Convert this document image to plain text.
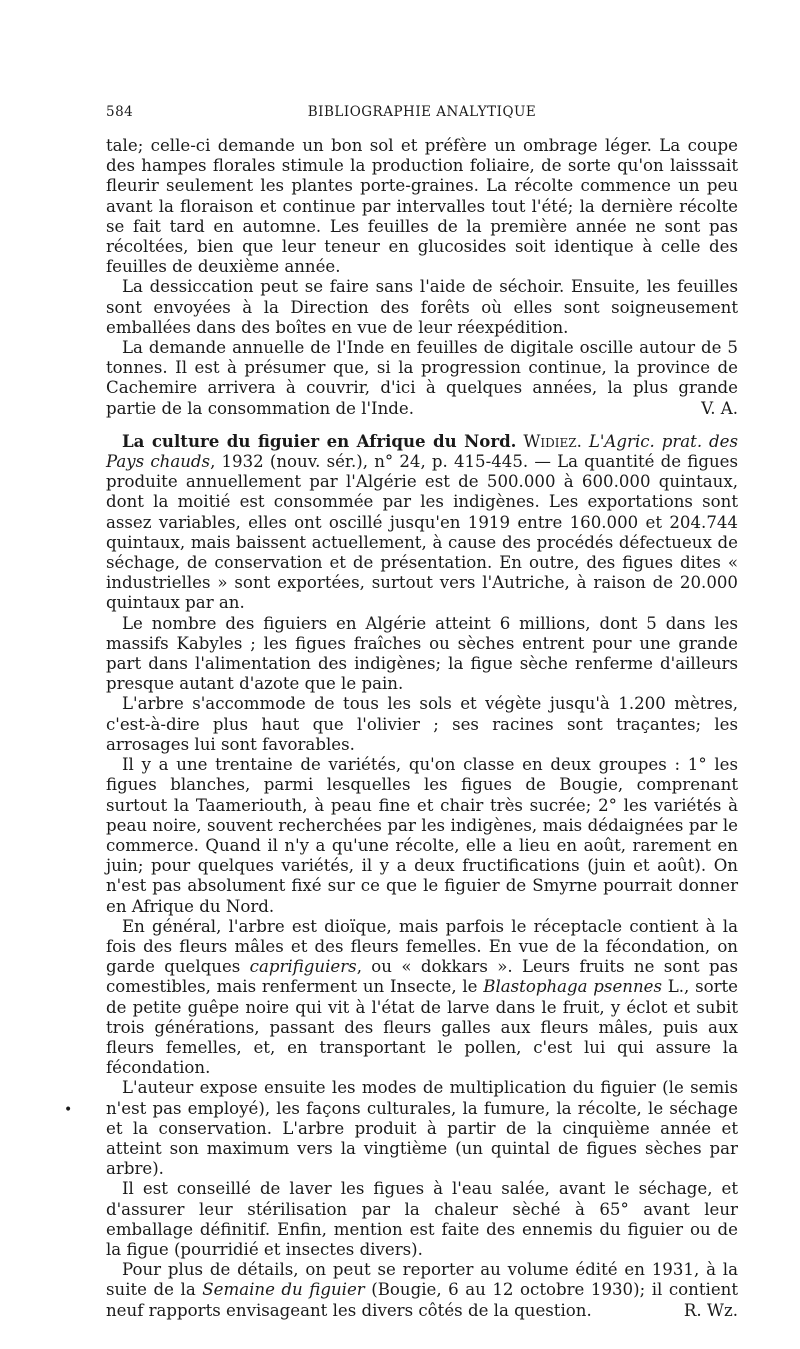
584	BIBLIOGRAPHIE ANALYTIQUE

tale; celle-ci demande un bon sol et préfère un ombrage léger. La coupe des hampes florales stimule la production foliaire, de sorte qu'on laisssait fleurir seulement les plantes porte-graines. La récolte commence un peu avant la floraison et continue par intervalles tout l'été; la dernière récolte se fait tard en automne. Les feuilles de la première année ne sont pas récoltées, bien que leur teneur en glucosides soit identique à celle des feuilles de deuxième année.

La dessiccation peut se faire sans l'aide de séchoir. Ensuite, les feuilles sont envoyées à la Direction des forêts où elles sont soigneusement emballées dans des boîtes en vue de leur réexpédition.

La demande annuelle de l'Inde en feuilles de digitale oscille autour de 5 tonnes. Il est à présumer que, si la progression continue, la province de Cachemire arrivera à couvrir, d'ici à quelques années, la plus grande partie de la consommation de l'Inde.	V. A.

La culture du figuier en Afrique du Nord. Widiez. L'Agric. prat. des Pays chauds, 1932 (nouv. sér.), n° 24, p. 415-445. — La quantité de figues produite annuellement par l'Algérie est de 500.000 à 600.000 quintaux, dont la moitié est consommée par les indigènes. Les exportations sont assez variables, elles ont oscillé jusqu'en 1919 entre 160.000 et 204.744 quintaux, mais baissent actuellement, à cause des procédés défectueux de séchage, de conservation et de présentation. En outre, des figues dites « industrielles » sont exportées, surtout vers l'Autriche, à raison de 20.000 quintaux par an.

Le nombre des figuiers en Algérie atteint 6 millions, dont 5 dans les massifs Kabyles ; les figues fraîches ou sèches entrent pour une grande part dans l'alimentation des indigènes; la figue sèche renferme d'ailleurs presque autant d'azote que le pain.

L'arbre s'accommode de tous les sols et végète jusqu'à 1.200 mètres, c'est-à-dire plus haut que l'olivier ; ses racines sont traçantes; les arrosages lui sont favorables.

Il y a une trentaine de variétés, qu'on classe en deux groupes : 1° les figues blanches, parmi lesquelles les figues de Bougie, comprenant surtout la Taameriouth, à peau fine et chair très sucrée; 2° les variétés à peau noire, souvent recherchées par les indigènes, mais dédaignées par le commerce. Quand il n'y a qu'une récolte, elle a lieu en août, rarement en juin; pour quelques variétés, il y a deux fructifications (juin et août). On n'est pas absolument fixé sur ce que le figuier de Smyrne pourrait donner en Afrique du Nord.

En général, l'arbre est dioïque, mais parfois le réceptacle contient à la fois des fleurs mâles et des fleurs femelles. En vue de la fécondation, on garde quelques caprifiguiers, ou « dokkars ». Leurs fruits ne sont pas comestibles, mais renferment un Insecte, le Blastophaga psennes L., sorte de petite guêpe noire qui vit à l'état de larve dans le fruit, y éclot et subit trois générations, passant des fleurs galles aux fleurs mâles, puis aux fleurs femelles, et, en transportant le pollen, c'est lui qui assure la fécondation.

L'auteur expose ensuite les modes de multiplication du figuier (le semis n'est pas employé), les façons culturales, la fumure, la récolte, le séchage et la conservation. L'arbre produit à partir de la cinquième année et atteint son maximum vers la vingtième (un quintal de figues sèches par arbre).

Il est conseillé de laver les figues à l'eau salée, avant le séchage, et d'assurer leur stérilisation par la chaleur sèché à 65° avant leur emballage définitif. Enfin, mention est faite des ennemis du figuier ou de la figue (pourridié et insectes divers).

Pour plus de détails, on peut se reporter au volume édité en 1931, à la suite de la Semaine du figuier (Bougie, 6 au 12 octobre 1930); il contient neuf rapports envisageant les divers côtés de la question.	R. Wz.

•
